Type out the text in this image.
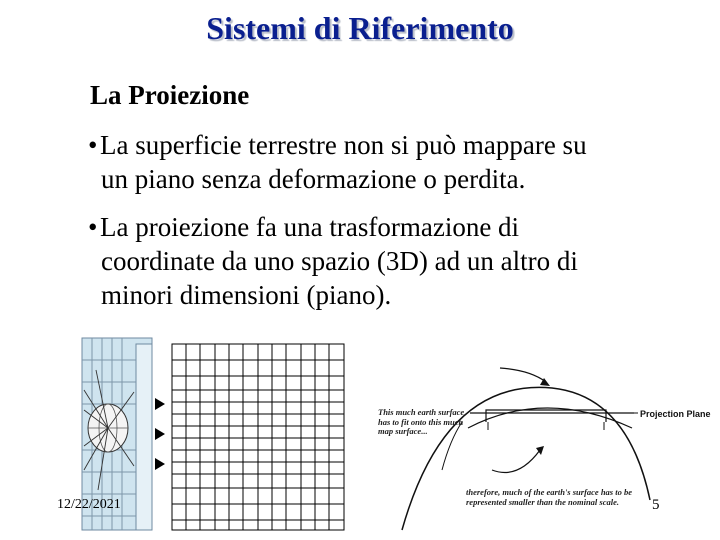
Sistemi di Riferimento
La Proiezione
•La superficie terrestre non si può mappare su
un piano senza deformazione o perdita.
•La proiezione fa una trasformazione di
coordinate da uno spazio (3D) ad un altro di
minori dimensioni (piano).
This much earth surface has to fit onto this much map surface...
therefore, much of the earth's surface has to be represented smaller than the nominal scale.
Projection Plane
12/22/2021	5
